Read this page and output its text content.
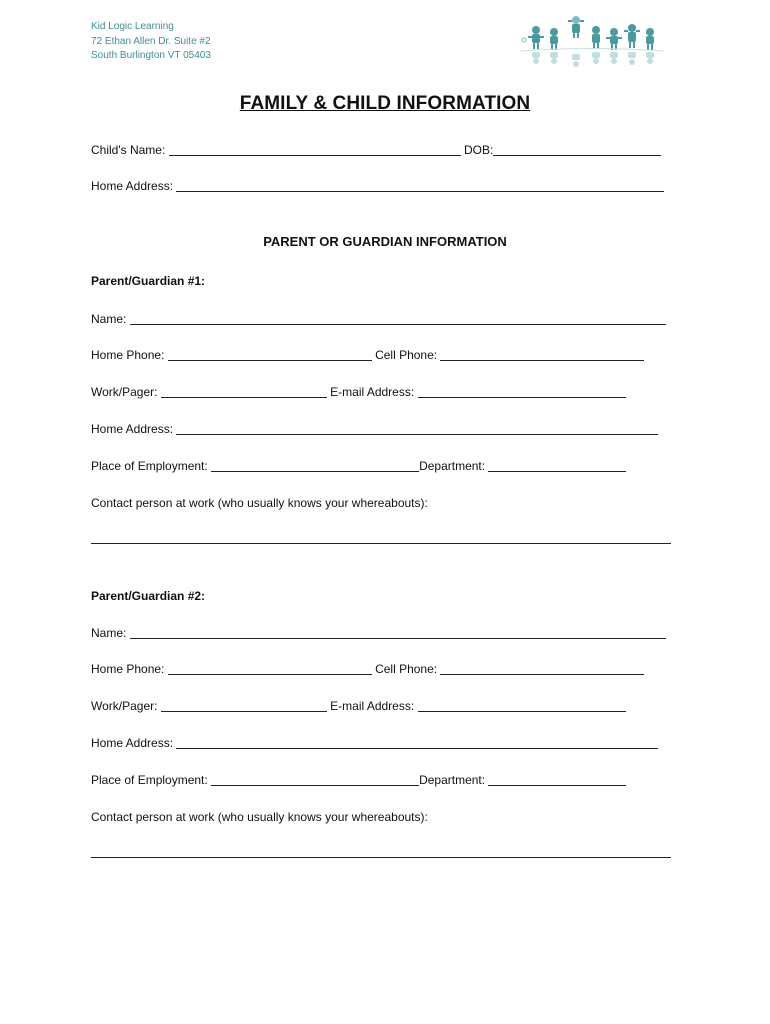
Kid Logic Learning
72 Ethan Allen Dr. Suite #2
South Burlington VT 05403
FAMILY & CHILD INFORMATION
Child's Name:	DOB:
Home Address:
PARENT OR GUARDIAN INFORMATION
Parent/Guardian #1:
Name:
Home Phone:	Cell Phone:
Work/Pager:	E-mail Address:
Home Address:
Place of Employment:	Department:
Contact person at work (who usually knows your whereabouts):
Parent/Guardian #2:
Name:
Home Phone:	Cell Phone:
Work/Pager:	E-mail Address:
Home Address:
Place of Employment:	Department:
Contact person at work (who usually knows your whereabouts):
